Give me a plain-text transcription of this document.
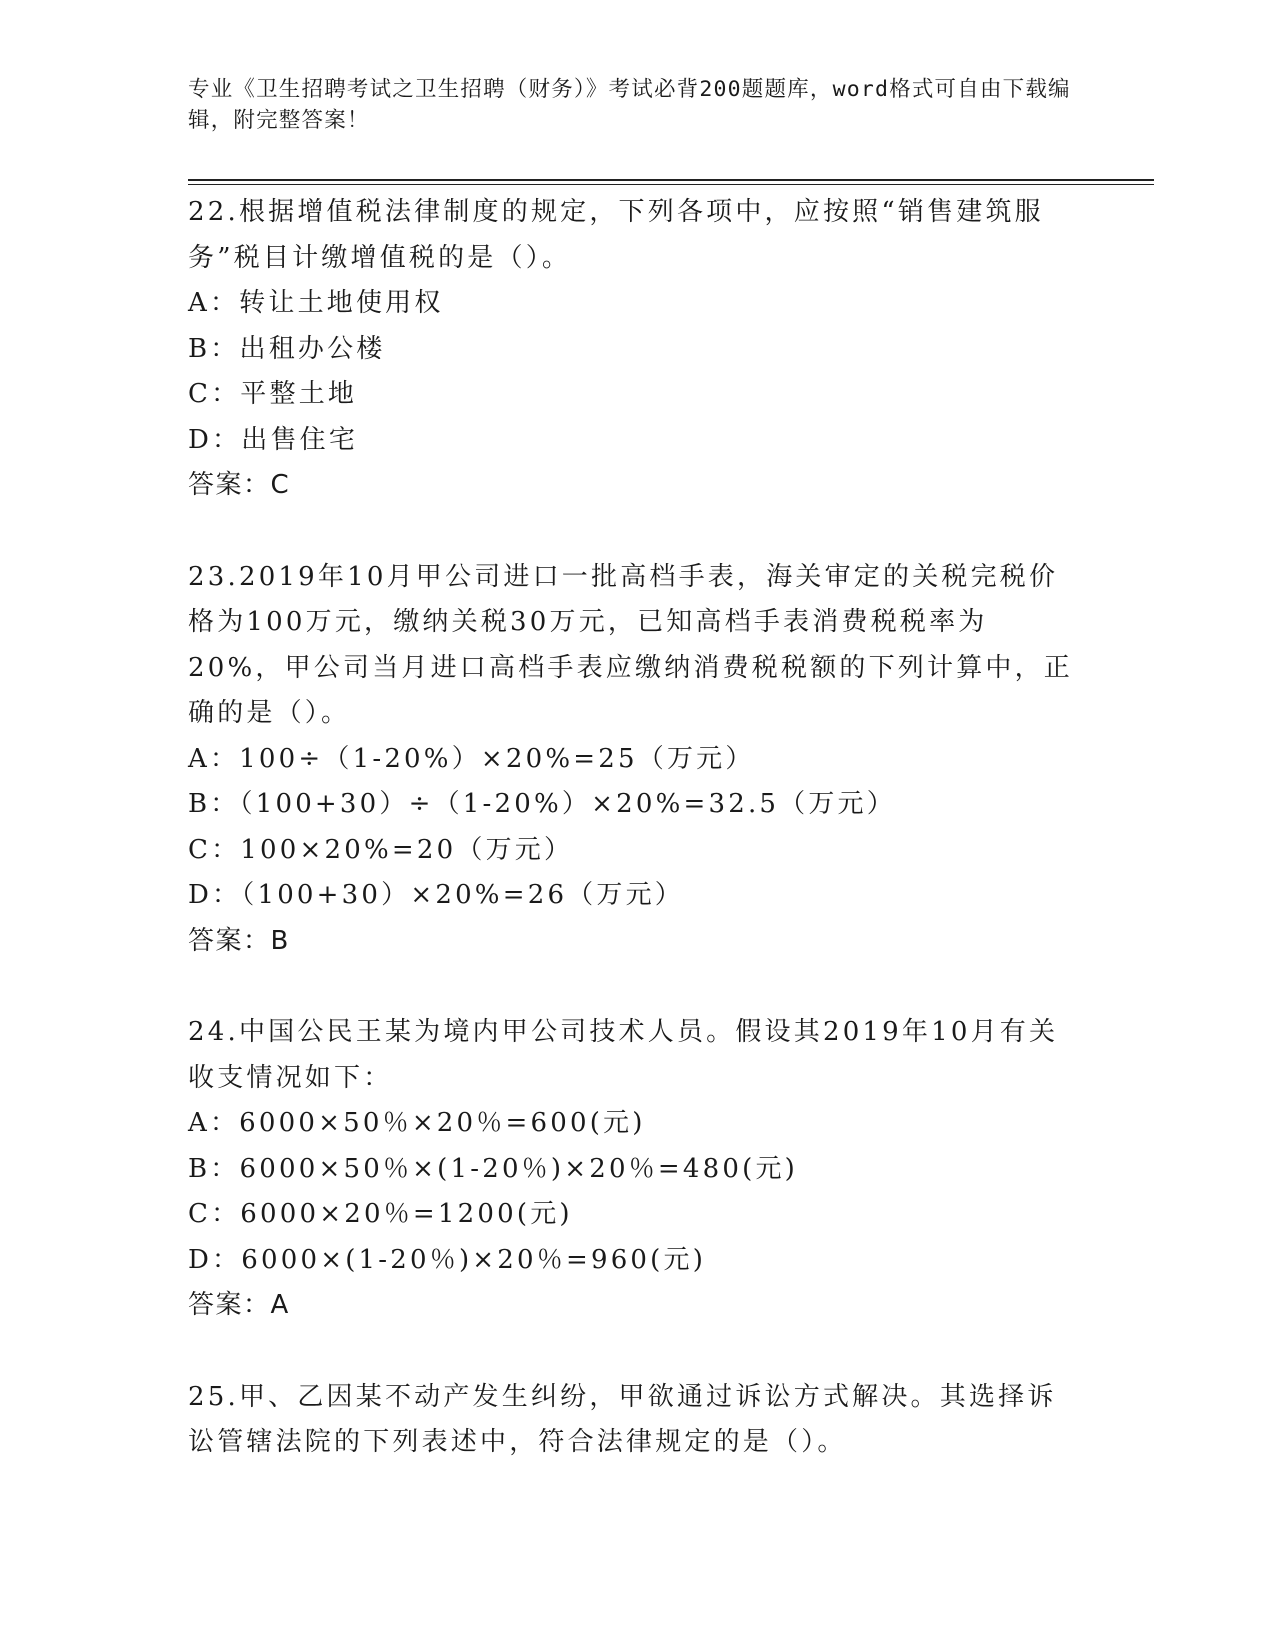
专业《卫生招聘考试之卫生招聘（财务）》考试必背200题题库，word格式可自由下载编辑，附完整答案！
22.根据增值税法律制度的规定，下列各项中，应按照“销售建筑服务”税目计缴增值税的是（）。
A：转让土地使用权
B：出租办公楼
C：平整土地
D：出售住宅
答案：C
23.2019年10月甲公司进口一批高档手表，海关审定的关税完税价格为100万元，缴纳关税30万元，已知高档手表消费税税率为20%，甲公司当月进口高档手表应缴纳消费税税额的下列计算中，正确的是（）。
A：100÷（1-20%）×20%=25（万元）
B：（100+30）÷（1-20%）×20%=32.5（万元）
C：100×20%=20（万元）
D：（100+30）×20%=26（万元）
答案：B
24.中国公民王某为境内甲公司技术人员。假设其2019年10月有关收支情况如下：
A：6000×50％×20％=600(元)
B：6000×50％×(1-20％)×20％=480(元)
C：6000×20％=1200(元)
D：6000×(1-20％)×20％=960(元)
答案：A
25.甲、乙因某不动产发生纠纷，甲欲通过诉讼方式解决。其选择诉讼管辖法院的下列表述中，符合法律规定的是（）。
